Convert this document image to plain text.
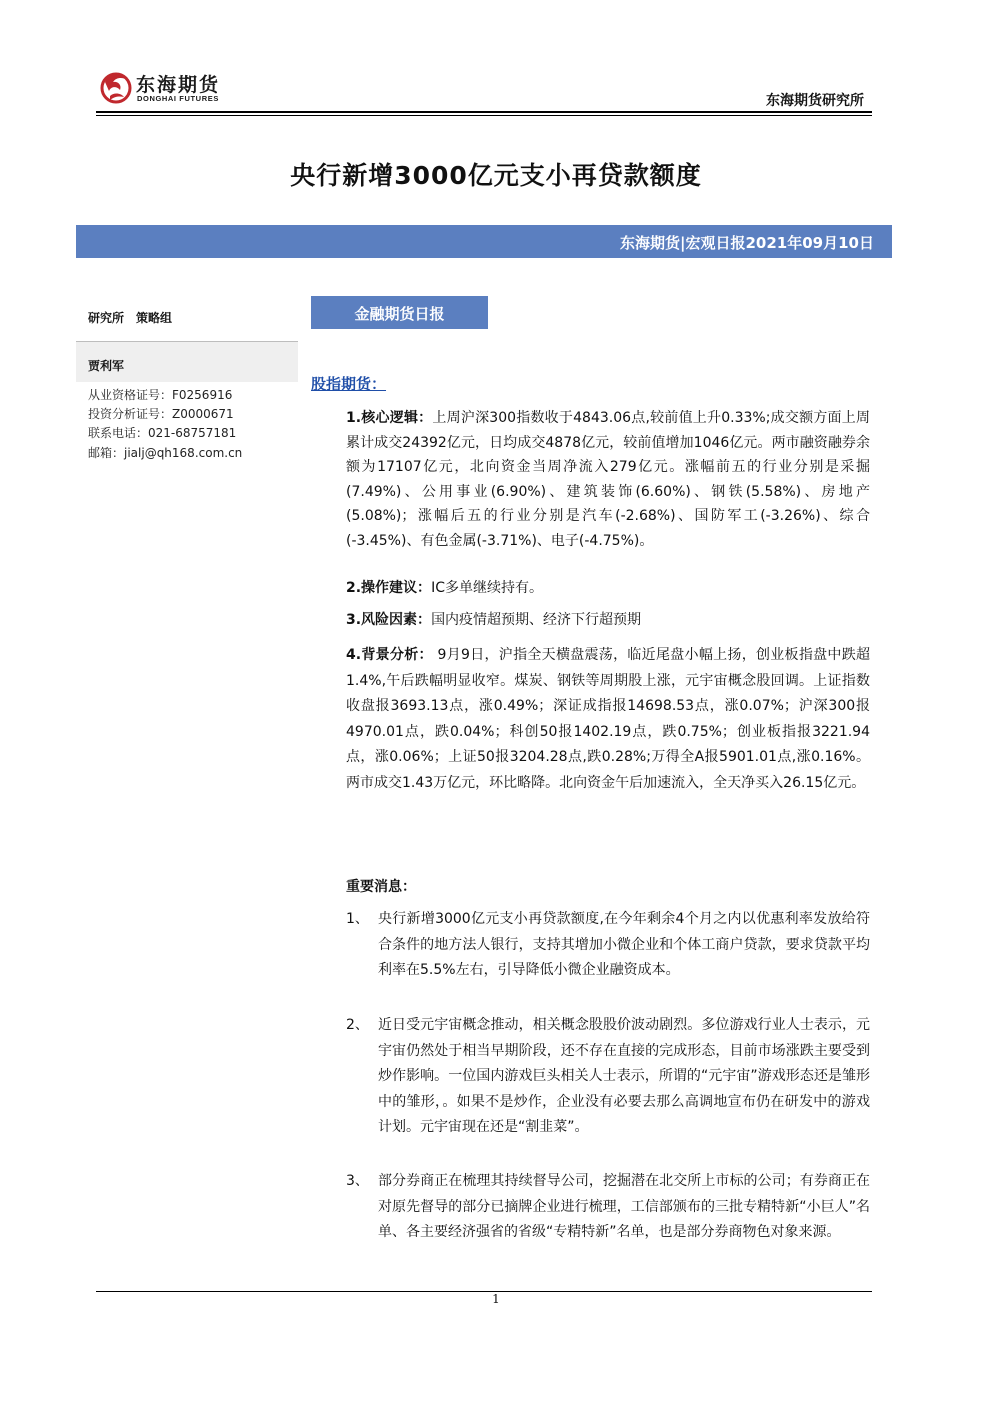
东海期货
DONGHAI FUTURES	东海期货研究所
央行新增3000亿元支小再贷款额度
东海期货|宏观日报2021年09月10日
研究所　策略组
贾利军
从业资格证号：F0256916
投资分析证号：Z0000671
联系电话：021-68757181
邮箱：jialj@qh168.com.cn
金融期货日报
股指期货：
1.核心逻辑：上周沪深300指数收于4843.06点,较前值上升0.33%;成交额方面上周累计成交24392亿元，日均成交4878亿元，较前值增加1046亿元。两市融资融券余额为17107亿元，北向资金当周净流入279亿元。涨幅前五的行业分别是采掘(7.49%)、公用事业(6.90%)、建筑装饰(6.60%)、钢铁(5.58%)、房地产(5.08%)；涨幅后五的行业分别是汽车(-2.68%)、国防军工(-3.26%)、综合(-3.45%)、有色金属(-3.71%)、电子(-4.75%)。
2.操作建议：IC多单继续持有。
3.风险因素：国内疫情超预期、经济下行超预期
4.背景分析： 9月9日，沪指全天横盘震荡，临近尾盘小幅上扬，创业板指盘中跌超1.4%,午后跌幅明显收窄。煤炭、钢铁等周期股上涨，元宇宙概念股回调。上证指数收盘报3693.13点，涨0.49%；深证成指报14698.53点，涨0.07%；沪深300报4970.01点，跌0.04%；科创50报1402.19点，跌0.75%；创业板指报3221.94点，涨0.06%；上证50报3204.28点,跌0.28%;万得全A报5901.01点,涨0.16%。两市成交1.43万亿元，环比略降。北向资金午后加速流入，全天净买入26.15亿元。
重要消息：
1、 央行新增3000亿元支小再贷款额度,在今年剩余4个月之内以优惠利率发放给符合条件的地方法人银行，支持其增加小微企业和个体工商户贷款，要求贷款平均利率在5.5%左右，引导降低小微企业融资成本。
2、 近日受元宇宙概念推动，相关概念股股价波动剧烈。多位游戏行业人士表示，元宇宙仍然处于相当早期阶段，还不存在直接的完成形态，目前市场涨跌主要受到炒作影响。一位国内游戏巨头相关人士表示，所谓的“元宇宙”游戏形态还是雏形中的雏形，。如果不是炒作，企业没有必要去那么高调地宣布仍在研发中的游戏计划。元宇宙现在还是“割韭菜”。
3、 部分券商正在梳理其持续督导公司，挖掘潜在北交所上市标的公司；有券商正在对原先督导的部分已摘牌企业进行梳理，工信部颁布的三批专精特新“小巨人”名单、各主要经济强省的省级“专精特新”名单，也是部分券商物色对象来源。
1
